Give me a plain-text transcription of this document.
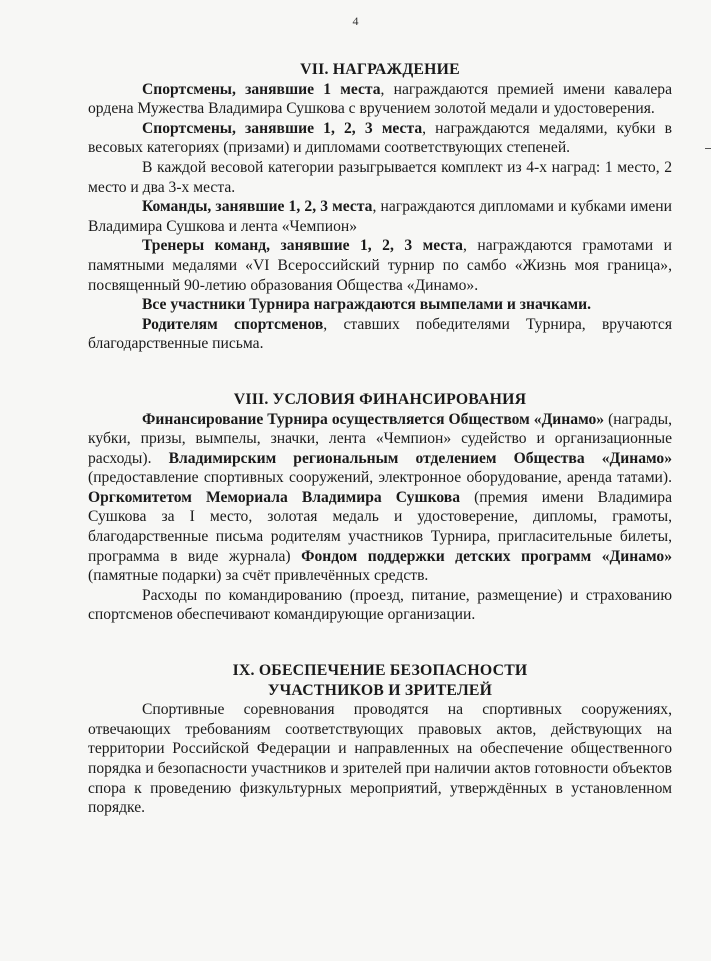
4
VII. НАГРАЖДЕНИЕ

Спортсмены, занявшие 1 места, награждаются премией имени кавалера ордена Мужества Владимира Сушкова с вручением золотой медали и удостоверения.

Спортсмены, занявшие 1, 2, 3 места, награждаются медалями, кубки в весовых категориях (призами) и дипломами соответствующих степеней.

В каждой весовой категории разыгрывается комплект из 4-х наград: 1 место, 2 место и два 3-х места.

Команды, занявшие 1, 2, 3 места, награждаются дипломами и кубками имени Владимира Сушкова и лента «Чемпион»

Тренеры команд, занявшие 1, 2, 3 места, награждаются грамотами и памятными медалями «VI Всероссийский турнир по самбо «Жизнь моя граница», посвященный 90-летию образования Общества «Динамо».

Все участники Турнира награждаются вымпелами и значками.

Родителям спортсменов, ставших победителями Турнира, вручаются благодарственные письма.

VIII. УСЛОВИЯ ФИНАНСИРОВАНИЯ

Финансирование Турнира осуществляется Обществом «Динамо» (награды, кубки, призы, вымпелы, значки, лента «Чемпион» судейство и организационные расходы). Владимирским региональным отделением Общества «Динамо» (предоставление спортивных сооружений, электронное оборудование, аренда татами). Оргкомитетом Мемориала Владимира Сушкова (премия имени Владимира Сушкова за I место, золотая медаль и удостоверение, дипломы, грамоты, благодарственные письма родителям участников Турнира, пригласительные билеты, программа в виде журнала) Фондом поддержки детских программ «Динамо» (памятные подарки) за счёт привлечённых средств.

Расходы по командированию (проезд, питание, размещение) и страхованию спортсменов обеспечивают командирующие организации.

IX. ОБЕСПЕЧЕНИЕ БЕЗОПАСНОСТИ
УЧАСТНИКОВ И ЗРИТЕЛЕЙ

Спортивные соревнования проводятся на спортивных сооружениях, отвечающих требованиям соответствующих правовых актов, действующих на территории Российской Федерации и направленных на обеспечение общественного порядка и безопасности участников и зрителей при наличии актов готовности объектов спора к проведению физкультурных мероприятий, утверждённых в установленном порядке.
